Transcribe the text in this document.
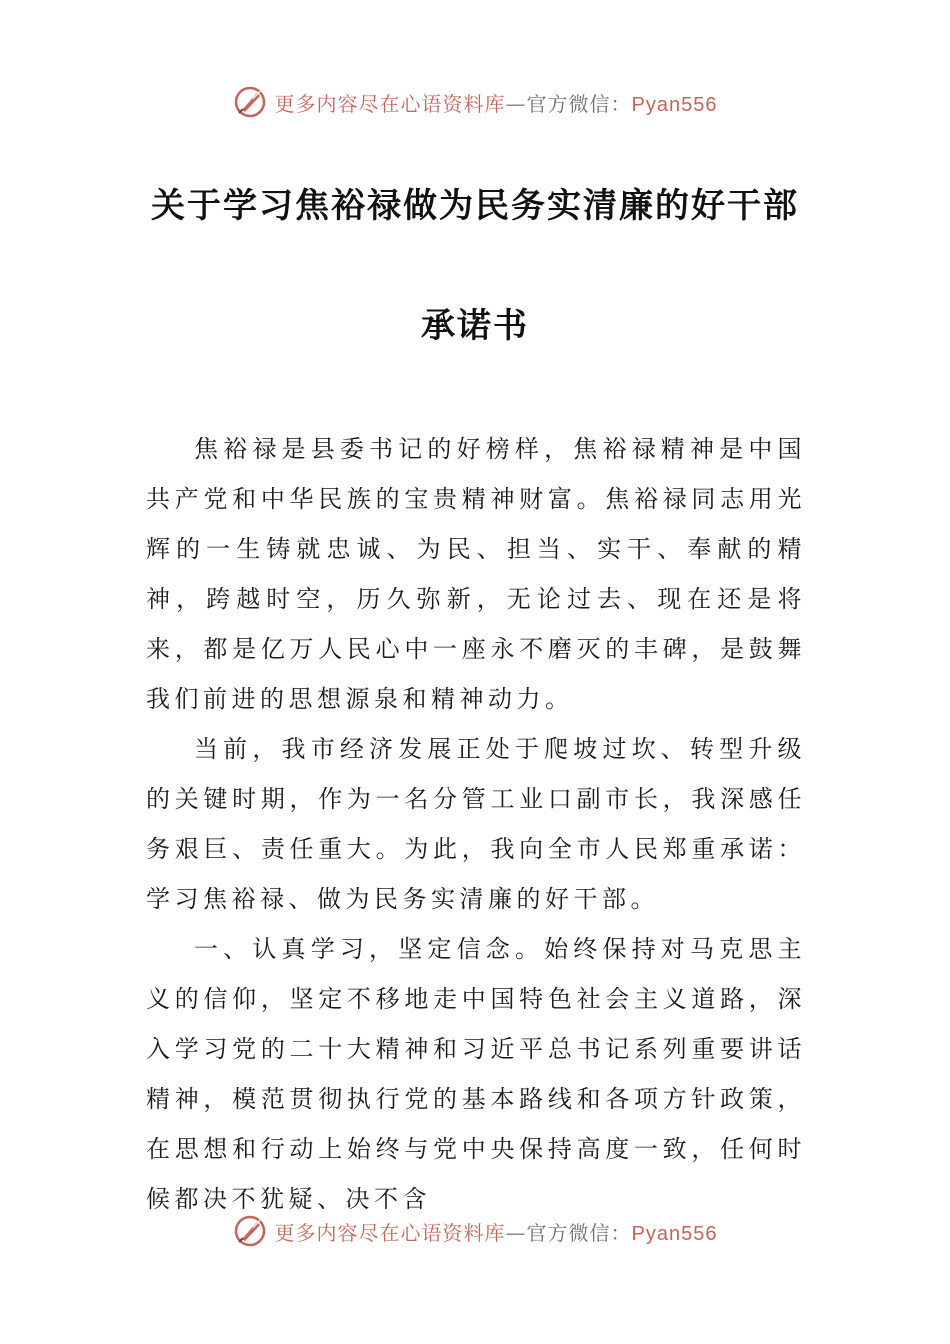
更多内容尽在心语资料库—官方微信：Pyan556
关于学习焦裕禄做为民务实清廉的好干部
承诺书

焦裕禄是县委书记的好榜样，焦裕禄精神是中国共产党和中华民族的宝贵精神财富。焦裕禄同志用光辉的一生铸就忠诚、为民、担当、实干、奉献的精神，跨越时空，历久弥新，无论过去、现在还是将来，都是亿万人民心中一座永不磨灭的丰碑，是鼓舞我们前进的思想源泉和精神动力。

当前，我市经济发展正处于爬坡过坎、转型升级的关键时期，作为一名分管工业口副市长，我深感任务艰巨、责任重大。为此，我向全市人民郑重承诺：学习焦裕禄、做为民务实清廉的好干部。

一、认真学习，坚定信念。始终保持对马克思主义的信仰，坚定不移地走中国特色社会主义道路，深入学习党的二十大精神和习近平总书记系列重要讲话精神，模范贯彻执行党的基本路线和各项方针政策，在思想和行动上始终与党中央保持高度一致，任何时候都决不犹疑、决不含

更多内容尽在心语资料库—官方微信：Pyan556
